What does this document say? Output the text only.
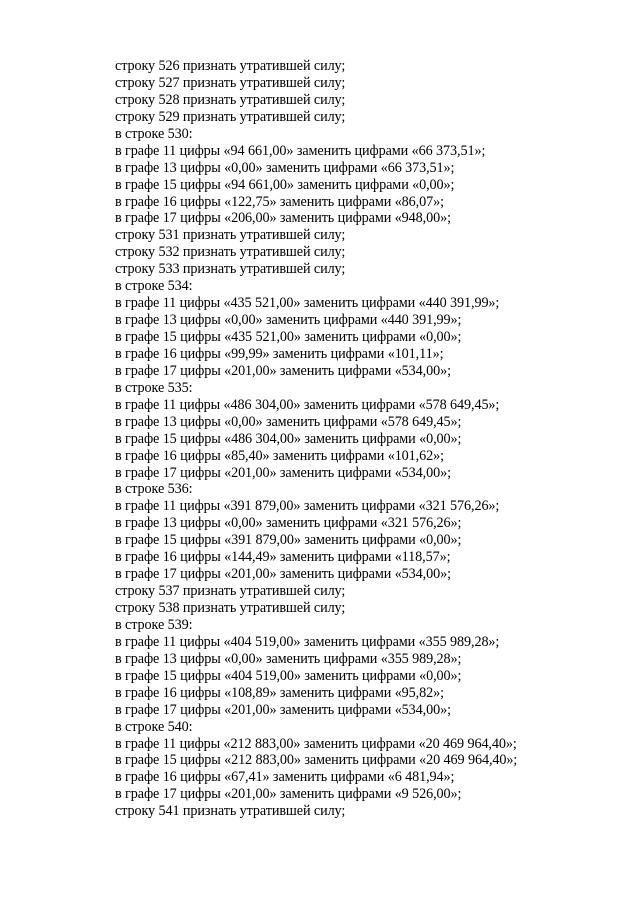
строку 526 признать утратившей силу;
строку 527 признать утратившей силу;
строку 528 признать утратившей силу;
строку 529 признать утратившей силу;
в строке 530:
в графе 11 цифры «94 661,00» заменить цифрами «66 373,51»;
в графе 13 цифры «0,00» заменить цифрами «66 373,51»;
в графе 15 цифры «94 661,00» заменить цифрами «0,00»;
в графе 16 цифры «122,75» заменить цифрами «86,07»;
в графе 17 цифры «206,00» заменить цифрами «948,00»;
строку 531 признать утратившей силу;
строку 532 признать утратившей силу;
строку 533 признать утратившей силу;
в строке 534:
в графе 11 цифры «435 521,00» заменить цифрами «440 391,99»;
в графе 13 цифры «0,00» заменить цифрами «440 391,99»;
в графе 15 цифры «435 521,00» заменить цифрами «0,00»;
в графе 16 цифры «99,99» заменить цифрами «101,11»;
в графе 17 цифры «201,00» заменить цифрами «534,00»;
в строке 535:
в графе 11 цифры «486 304,00» заменить цифрами «578 649,45»;
в графе 13 цифры «0,00» заменить цифрами «578 649,45»;
в графе 15 цифры «486 304,00» заменить цифрами «0,00»;
в графе 16 цифры «85,40» заменить цифрами «101,62»;
в графе 17 цифры «201,00» заменить цифрами «534,00»;
в строке 536:
в графе 11 цифры «391 879,00» заменить цифрами «321 576,26»;
в графе 13 цифры «0,00» заменить цифрами «321 576,26»;
в графе 15 цифры «391 879,00» заменить цифрами «0,00»;
в графе 16 цифры «144,49» заменить цифрами «118,57»;
в графе 17 цифры «201,00» заменить цифрами «534,00»;
строку 537 признать утратившей силу;
строку 538 признать утратившей силу;
в строке 539:
в графе 11 цифры «404 519,00» заменить цифрами «355 989,28»;
в графе 13 цифры «0,00» заменить цифрами «355 989,28»;
в графе 15 цифры «404 519,00» заменить цифрами «0,00»;
в графе 16 цифры «108,89» заменить цифрами «95,82»;
в графе 17 цифры «201,00» заменить цифрами «534,00»;
в строке 540:
в графе 11 цифры «212 883,00» заменить цифрами «20 469 964,40»;
в графе 15 цифры «212 883,00» заменить цифрами «20 469 964,40»;
в графе 16 цифры «67,41» заменить цифрами «6 481,94»;
в графе 17 цифры «201,00» заменить цифрами «9 526,00»;
строку 541 признать утратившей силу;
